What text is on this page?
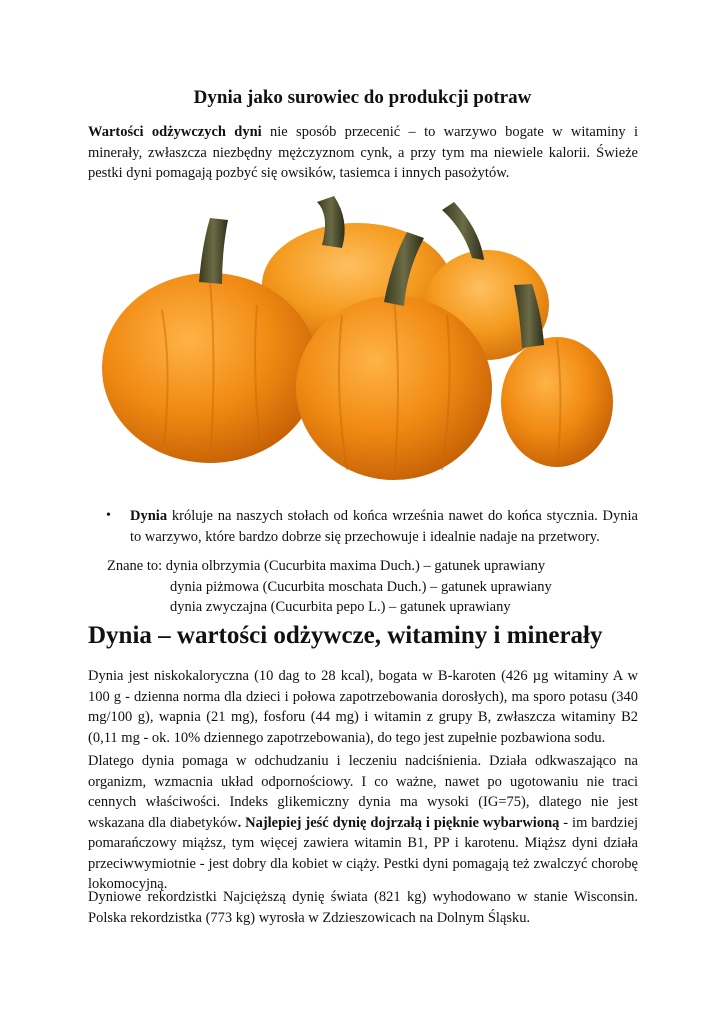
Dynia jako surowiec do produkcji potraw

Wartości odżywczych dyni nie sposób przecenić – to warzywo bogate w witaminy i minerały, zwłaszcza niezbędny mężczyznom cynk, a przy tym ma niewiele kalorii. Świeże pestki dyni pomagają pozbyć się owsików, tasiemca i innych pasożytów.

• Dynia króluje na naszych stołach od końca września nawet do końca stycznia. Dynia to warzywo, które bardzo dobrze się przechowuje i idealnie nadaje na przetwory.

Znane to: dynia olbrzymia (Cucurbita maxima Duch.) – gatunek uprawiany
dynia piżmowa (Cucurbita moschata Duch.) – gatunek uprawiany
dynia zwyczajna (Cucurbita pepo L.) – gatunek uprawiany
Dynia – wartości odżywcze, witaminy i minerały

Dynia jest niskokaloryczna (10 dag to 28 kcal), bogata w B-karoten (426 µg witaminy A w 100 g - dzienna norma dla dzieci i połowa zapotrzebowania dorosłych), ma sporo potasu (340 mg/100 g), wapnia (21 mg), fosforu (44 mg) i witamin z grupy B, zwłaszcza witaminy B2 (0,11 mg - ok. 10% dziennego zapotrzebowania), do tego jest zupełnie pozbawiona sodu.

Dlatego dynia pomaga w odchudzaniu i leczeniu nadciśnienia. Działa odkwaszająco na organizm, wzmacnia układ odpornościowy. I co ważne, nawet po ugotowaniu nie traci cennych właściwości. Indeks glikemiczny dynia ma wysoki (IG=75), dlatego nie jest wskazana dla diabetyków. Najlepiej jeść dynię dojrzałą i pięknie wybarwioną - im bardziej pomarańczowy miąższ, tym więcej zawiera witamin B1, PP i karotenu. Miąższ dyni działa przeciwwymiotnie - jest dobry dla kobiet w ciąży. Pestki dyni pomagają też zwalczyć chorobę lokomocyjną.

Dyniowe rekordzistki Najcięższą dynię świata (821 kg) wyhodowano w stanie Wisconsin. Polska rekordzistka (773 kg) wyrosła w Zdzieszowicach na Dolnym Śląsku.
